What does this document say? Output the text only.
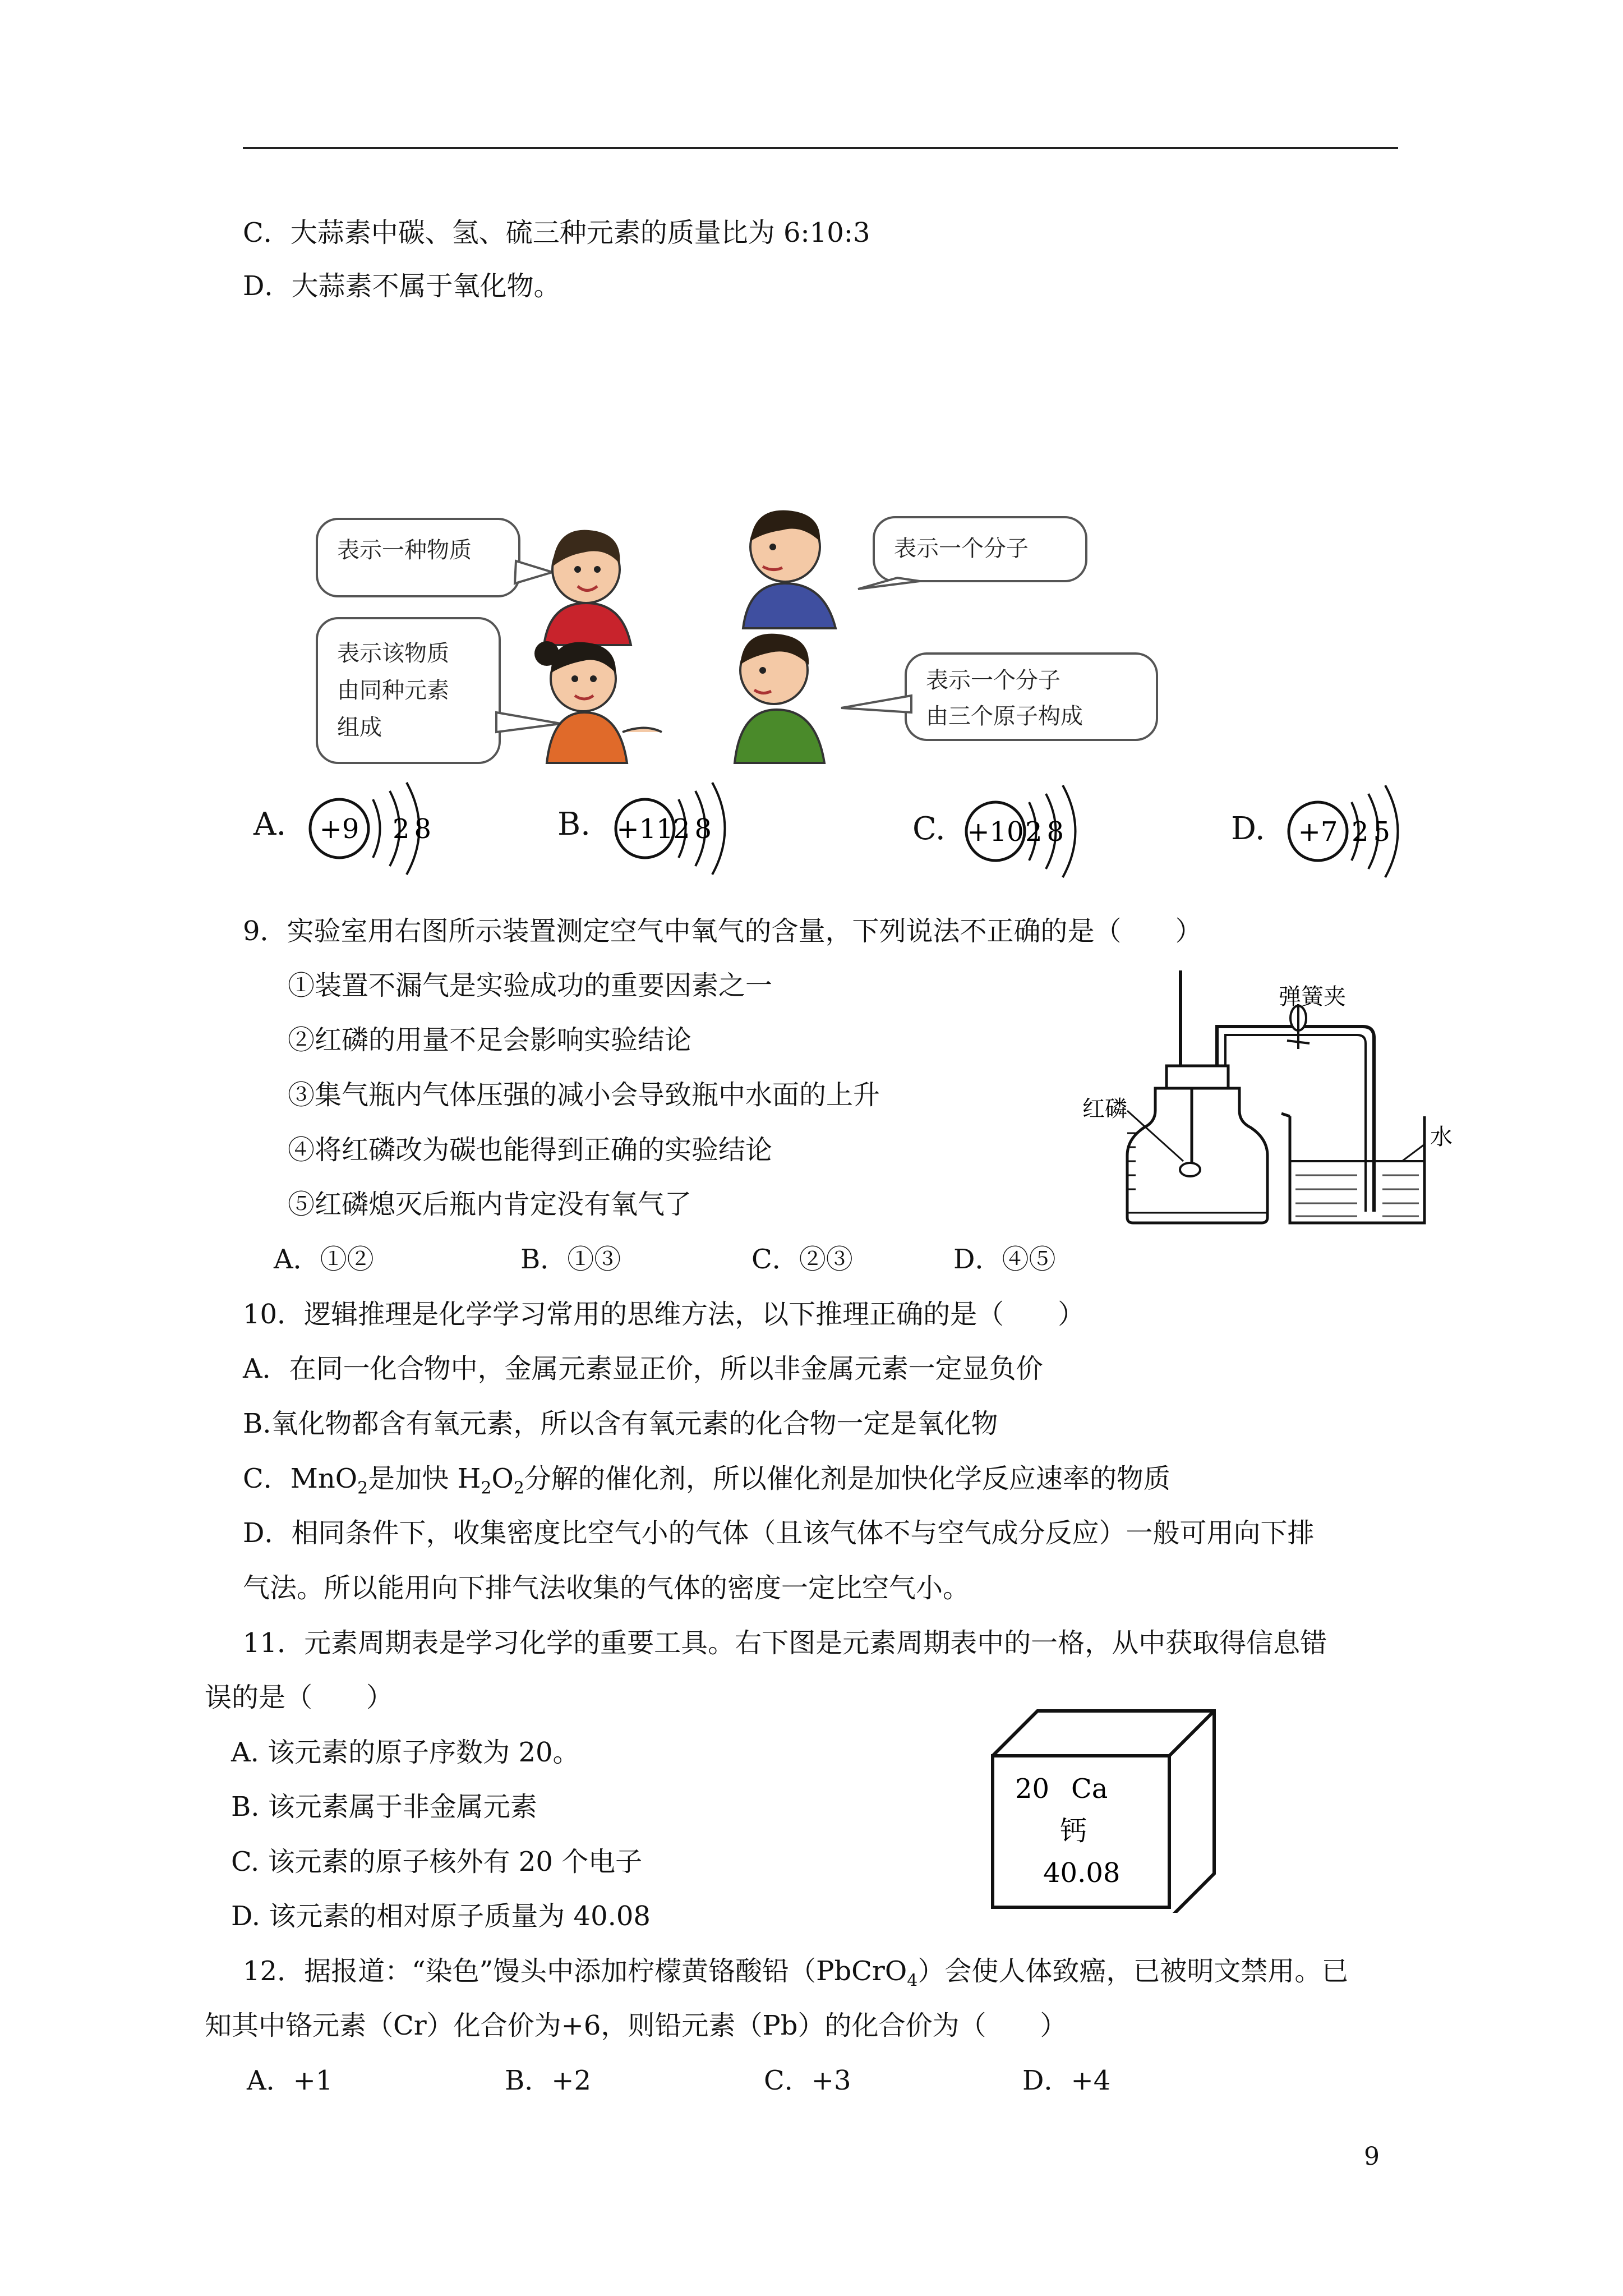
C．大蒜素中碳、氢、硫三种元素的质量比为 6:10:3
D．大蒜素不属于氧化物。
表示一种物质	表示一个分子
表示该物质
由同种元素
组成
表示一个分子
由三个原子构成
A.	B.	C.	D.
+9 28	+11 28	+10 28	+7 25
9．实验室用右图所示装置测定空气中氧气的含量，下列说法不正确的是（　　）
①装置不漏气是实验成功的重要因素之一
②红磷的用量不足会影响实验结论
③集气瓶内气体压强的减小会导致瓶中水面的上升
④将红磷改为碳也能得到正确的实验结论
⑤红磷熄灭后瓶内肯定没有氧气了
A．①②	B．①③	C．②③	D．④⑤
弹簧夹
红磷
水
10．逻辑推理是化学学习常用的思维方法，以下推理正确的是（　　）
A．在同一化合物中，金属元素显正价，所以非金属元素一定显负价
B.氧化物都含有氧元素，所以含有氧元素的化合物一定是氧化物
C．MnO$_2$是加快 $H_2O_2$分解的催化剂，所以催化剂是加快化学反应速率的物质
D．相同条件下，收集密度比空气小的气体（且该气体不与空气成分反应）一般可用向下排
气法。所以能用向下排气法收集的气体的密度一定比空气小。
11．元素周期表是学习化学的重要工具。右下图是元素周期表中的一格，从中获取得信息错
误的是（　　）
A. 该元素的原子序数为 20。
B. 该元素属于非金属元素
C. 该元素的原子核外有 20 个电子
D. 该元素的相对原子质量为 40.08
20 Ca
钙
40.08
12．据报道：“染色”馒头中添加柠檬黄铬酸铅（PbCrO$_4$）会使人体致癌，已被明文禁用。已
知其中铬元素（Cr）化合价为+6，则铅元素（Pb）的化合价为（　　）
A．+1	B．+2	C．+3	D．+4
9
